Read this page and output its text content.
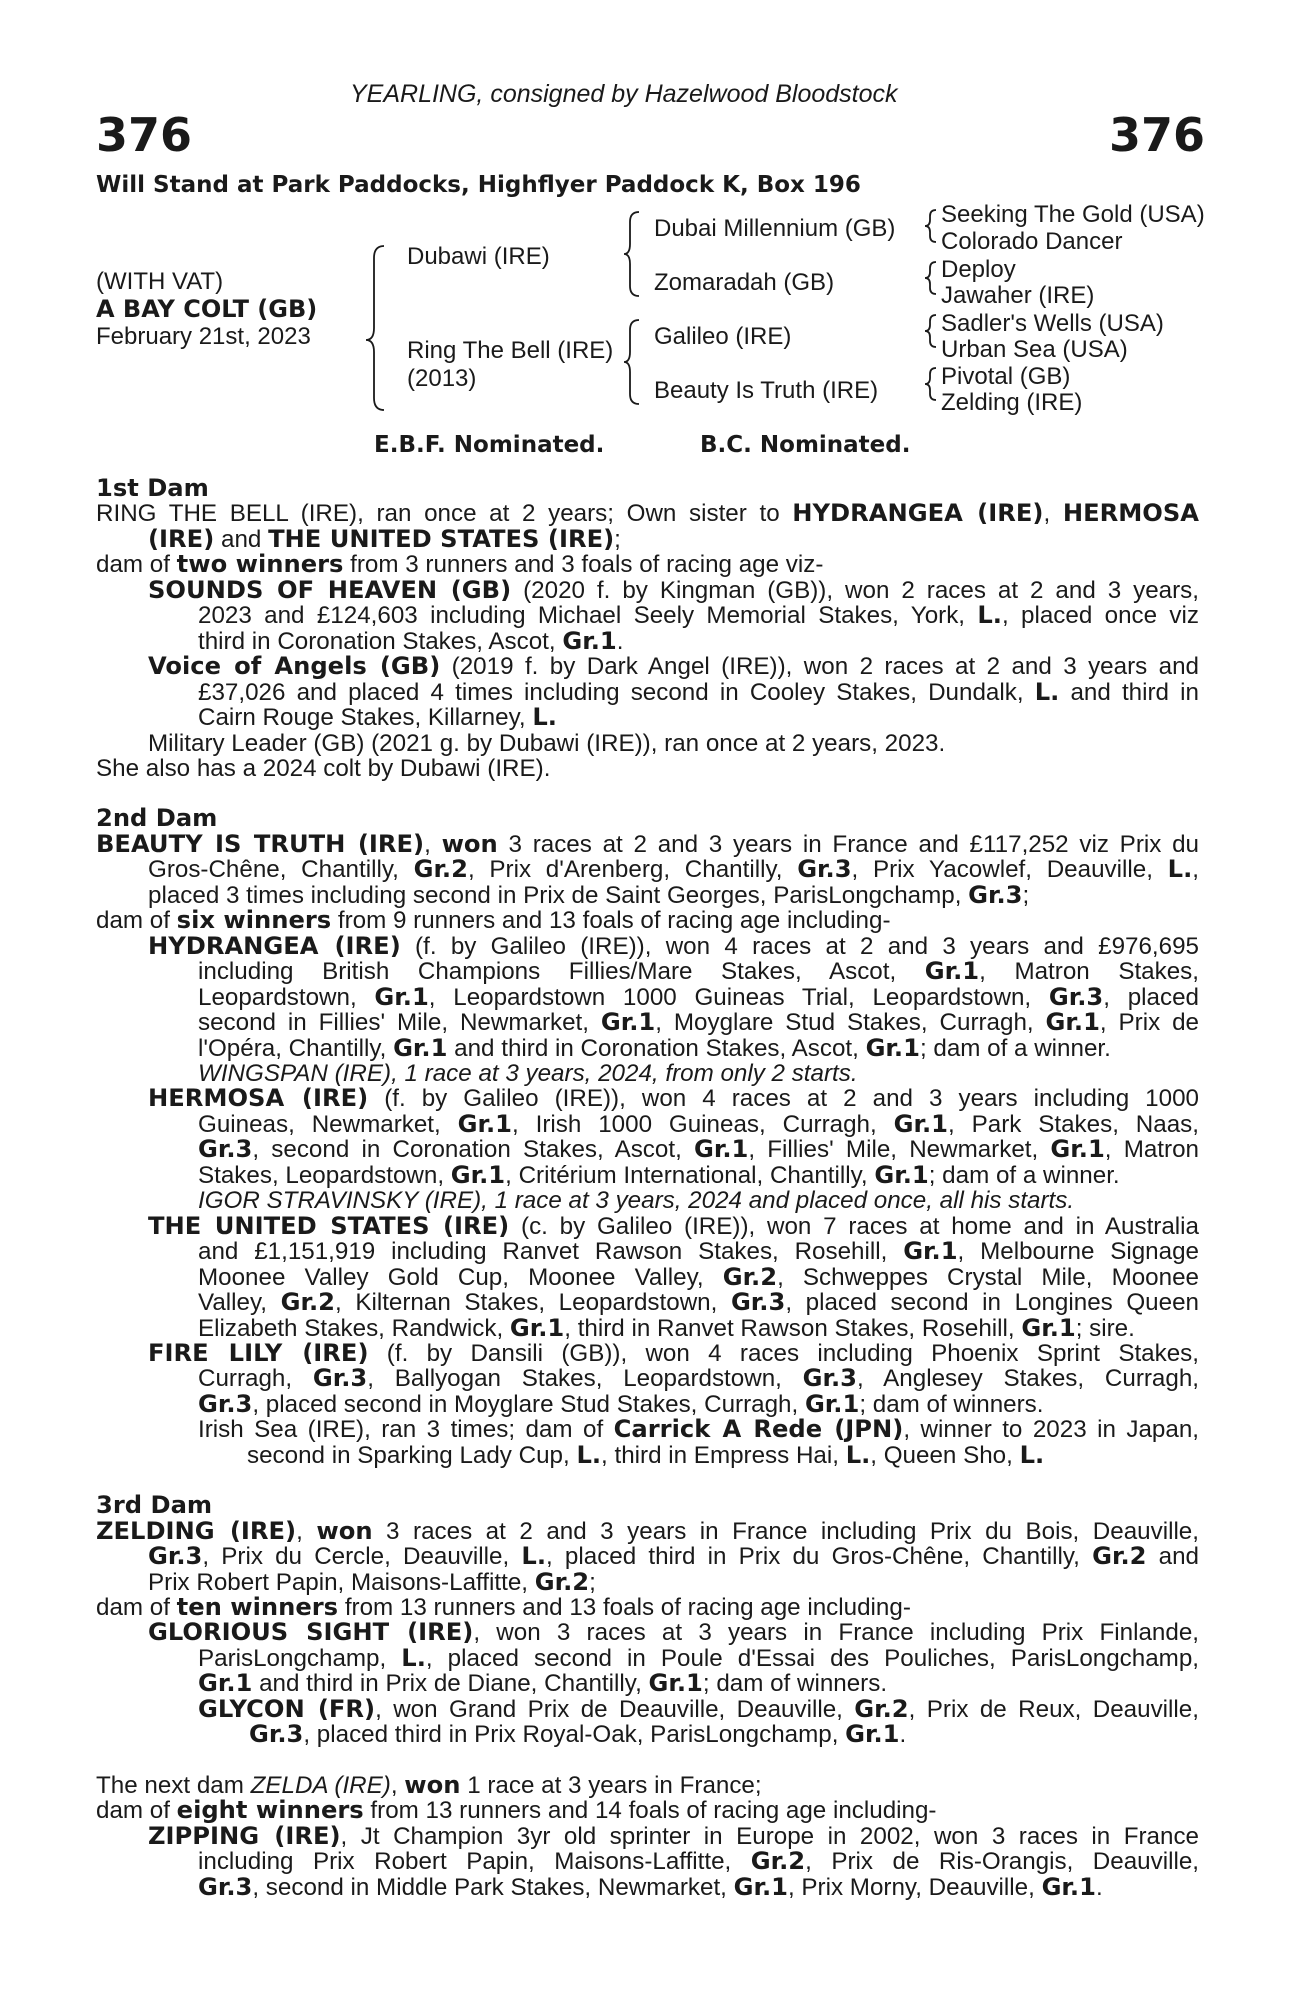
YEARLING, consigned by Hazelwood Bloodstock
376	376
Will Stand at Park Paddocks, Highflyer Paddock K, Box 196
(WITH VAT)
A BAY COLT (GB)
February 21st, 2023
Dubawi (IRE)
Ring The Bell (IRE)
(2013)
Dubai Millennium (GB)
Zomaradah (GB)
Galileo (IRE)
Beauty Is Truth (IRE)
Seeking The Gold (USA)
Colorado Dancer
Deploy
Jawaher (IRE)
Sadler's Wells (USA)
Urban Sea (USA)
Pivotal (GB)
Zelding (IRE)
E.B.F. Nominated.	B.C. Nominated.
1st Dam
RING THE BELL (IRE), ran once at 2 years; Own sister to HYDRANGEA (IRE), HERMOSA
(IRE) and THE UNITED STATES (IRE);
dam of two winners from 3 runners and 3 foals of racing age viz-
SOUNDS OF HEAVEN (GB) (2020 f. by Kingman (GB)), won 2 races at 2 and 3 years,
2023 and £124,603 including Michael Seely Memorial Stakes, York, L., placed once viz
third in Coronation Stakes, Ascot, Gr.1.
Voice of Angels (GB) (2019 f. by Dark Angel (IRE)), won 2 races at 2 and 3 years and
£37,026 and placed 4 times including second in Cooley Stakes, Dundalk, L. and third in
Cairn Rouge Stakes, Killarney, L.
Military Leader (GB) (2021 g. by Dubawi (IRE)), ran once at 2 years, 2023.
She also has a 2024 colt by Dubawi (IRE).
2nd Dam
BEAUTY IS TRUTH (IRE), won 3 races at 2 and 3 years in France and £117,252 viz Prix du
Gros-Chêne, Chantilly, Gr.2, Prix d'Arenberg, Chantilly, Gr.3, Prix Yacowlef, Deauville, L.,
placed 3 times including second in Prix de Saint Georges, ParisLongchamp, Gr.3;
dam of six winners from 9 runners and 13 foals of racing age including-
HYDRANGEA (IRE) (f. by Galileo (IRE)), won 4 races at 2 and 3 years and £976,695
including British Champions Fillies/Mare Stakes, Ascot, Gr.1, Matron Stakes,
Leopardstown, Gr.1, Leopardstown 1000 Guineas Trial, Leopardstown, Gr.3, placed
second in Fillies' Mile, Newmarket, Gr.1, Moyglare Stud Stakes, Curragh, Gr.1, Prix de
l'Opéra, Chantilly, Gr.1 and third in Coronation Stakes, Ascot, Gr.1; dam of a winner.
WINGSPAN (IRE), 1 race at 3 years, 2024, from only 2 starts.
HERMOSA (IRE) (f. by Galileo (IRE)), won 4 races at 2 and 3 years including 1000
Guineas, Newmarket, Gr.1, Irish 1000 Guineas, Curragh, Gr.1, Park Stakes, Naas,
Gr.3, second in Coronation Stakes, Ascot, Gr.1, Fillies' Mile, Newmarket, Gr.1, Matron
Stakes, Leopardstown, Gr.1, Critérium International, Chantilly, Gr.1; dam of a winner.
IGOR STRAVINSKY (IRE), 1 race at 3 years, 2024 and placed once, all his starts.
THE UNITED STATES (IRE) (c. by Galileo (IRE)), won 7 races at home and in Australia
and £1,151,919 including Ranvet Rawson Stakes, Rosehill, Gr.1, Melbourne Signage
Moonee Valley Gold Cup, Moonee Valley, Gr.2, Schweppes Crystal Mile, Moonee
Valley, Gr.2, Kilternan Stakes, Leopardstown, Gr.3, placed second in Longines Queen
Elizabeth Stakes, Randwick, Gr.1, third in Ranvet Rawson Stakes, Rosehill, Gr.1; sire.
FIRE LILY (IRE) (f. by Dansili (GB)), won 4 races including Phoenix Sprint Stakes,
Curragh, Gr.3, Ballyogan Stakes, Leopardstown, Gr.3, Anglesey Stakes, Curragh,
Gr.3, placed second in Moyglare Stud Stakes, Curragh, Gr.1; dam of winners.
Irish Sea (IRE), ran 3 times; dam of Carrick A Rede (JPN), winner to 2023 in Japan,
second in Sparking Lady Cup, L., third in Empress Hai, L., Queen Sho, L.
3rd Dam
ZELDING (IRE), won 3 races at 2 and 3 years in France including Prix du Bois, Deauville,
Gr.3, Prix du Cercle, Deauville, L., placed third in Prix du Gros-Chêne, Chantilly, Gr.2 and
Prix Robert Papin, Maisons-Laffitte, Gr.2;
dam of ten winners from 13 runners and 13 foals of racing age including-
GLORIOUS SIGHT (IRE), won 3 races at 3 years in France including Prix Finlande,
ParisLongchamp, L., placed second in Poule d'Essai des Pouliches, ParisLongchamp,
Gr.1 and third in Prix de Diane, Chantilly, Gr.1; dam of winners.
GLYCON (FR), won Grand Prix de Deauville, Deauville, Gr.2, Prix de Reux, Deauville,
Gr.3, placed third in Prix Royal-Oak, ParisLongchamp, Gr.1.
The next dam ZELDA (IRE), won 1 race at 3 years in France;
dam of eight winners from 13 runners and 14 foals of racing age including-
ZIPPING (IRE), Jt Champion 3yr old sprinter in Europe in 2002, won 3 races in France
including Prix Robert Papin, Maisons-Laffitte, Gr.2, Prix de Ris-Orangis, Deauville,
Gr.3, second in Middle Park Stakes, Newmarket, Gr.1, Prix Morny, Deauville, Gr.1.
